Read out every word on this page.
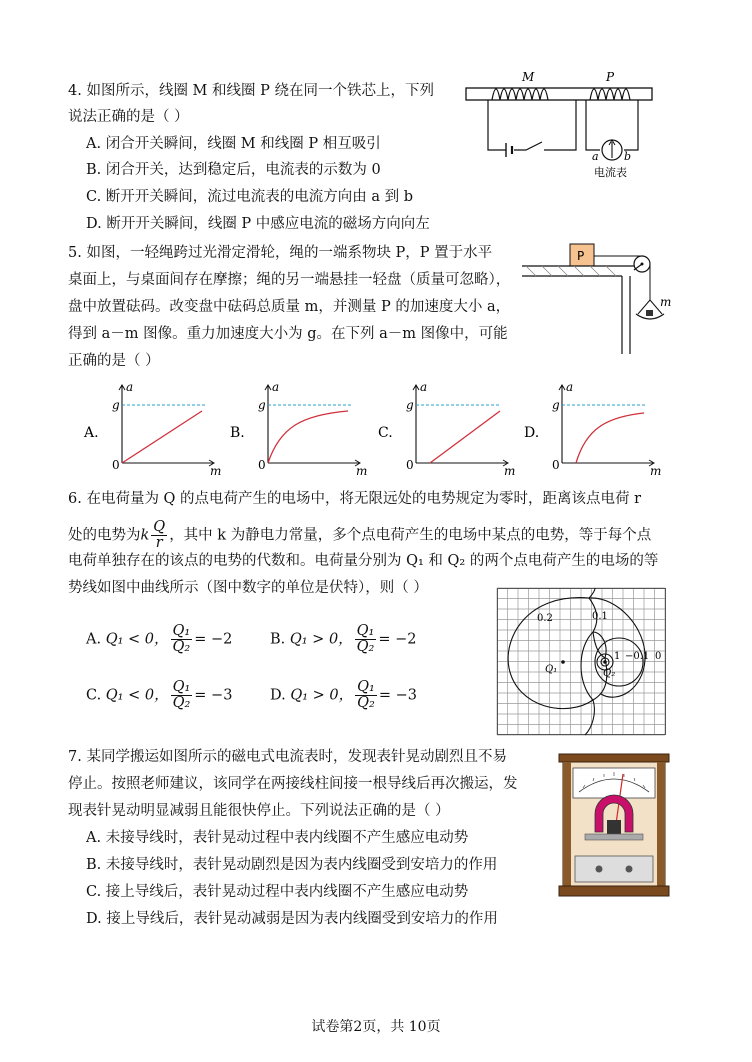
4. 如图所示，线圈 M 和线圈 P 绕在同一个铁芯上，下列
说法正确的是（ ）
A. 闭合开关瞬间，线圈 M 和线圈 P 相互吸引
B. 闭合开关，达到稳定后，电流表的示数为 0
C. 断开开关瞬间，流过电流表的电流方向由 a 到 b
D. 断开开关瞬间，线圈 P 中感应电流的磁场方向向左
M	P
a b
电流表
5. 如图，一轻绳跨过光滑定滑轮，绳的一端系物块 P，P 置于水平
桌面上，与桌面间存在摩擦；绳的另一端悬挂一轻盘（质量可忽略），
盘中放置砝码。改变盘中砝码总质量 m，并测量 P 的加速度大小 a，
得到 a－m 图像。重力加速度大小为 g。在下列 a－m 图像中，可能
正确的是（ ）
P
m
A.
g
a
m
0
B.
g
a
m
0
C.
g
a
m
0
D.
g
a
m
0
6. 在电荷量为 Q 的点电荷产生的电场中，将无限远处的电势规定为零时，距离该点电荷 r
处的电势为k $\frac{Q}{r}$ ，其中 k 为静电力常量，多个点电荷产生的电场中某点的电势，等于每个点
电荷单独存在的该点的电势的代数和。电荷量分别为 Q₁ 和 Q₂ 的两个点电荷产生的电场的等
势线如图中曲线所示（图中数字的单位是伏特），则（ ）
A. Q₁ < 0， $\frac{\text{Q₁}}{\text{Q₂}} = -2$	B. Q₁ > 0， $\frac{\text{Q₁}}{\text{Q₂}} = -2$
C. Q₁ < 0， $\frac{\text{Q₁}}{\text{Q₂}} = -3$	D. Q₁ > 0， $\frac{\text{Q₁}}{\text{Q₂}} = -3$
0.2	0.1
1 −0.1 0
Q₁	Q₂
7. 某同学搬运如图所示的磁电式电流表时，发现表针晃动剧烈且不易
停止。按照老师建议，该同学在两接线柱间接一根导线后再次搬运，发
现表针晃动明显减弱且能很快停止。下列说法正确的是（ ）
A. 未接导线时，表针晃动过程中表内线圈不产生感应电动势
B. 未接导线时，表针晃动剧烈是因为表内线圈受到安培力的作用
C. 接上导线后，表针晃动过程中表内线圈不产生感应电动势
D. 接上导线后，表针晃动减弱是因为表内线圈受到安培力的作用
试卷第2页，共 10页
